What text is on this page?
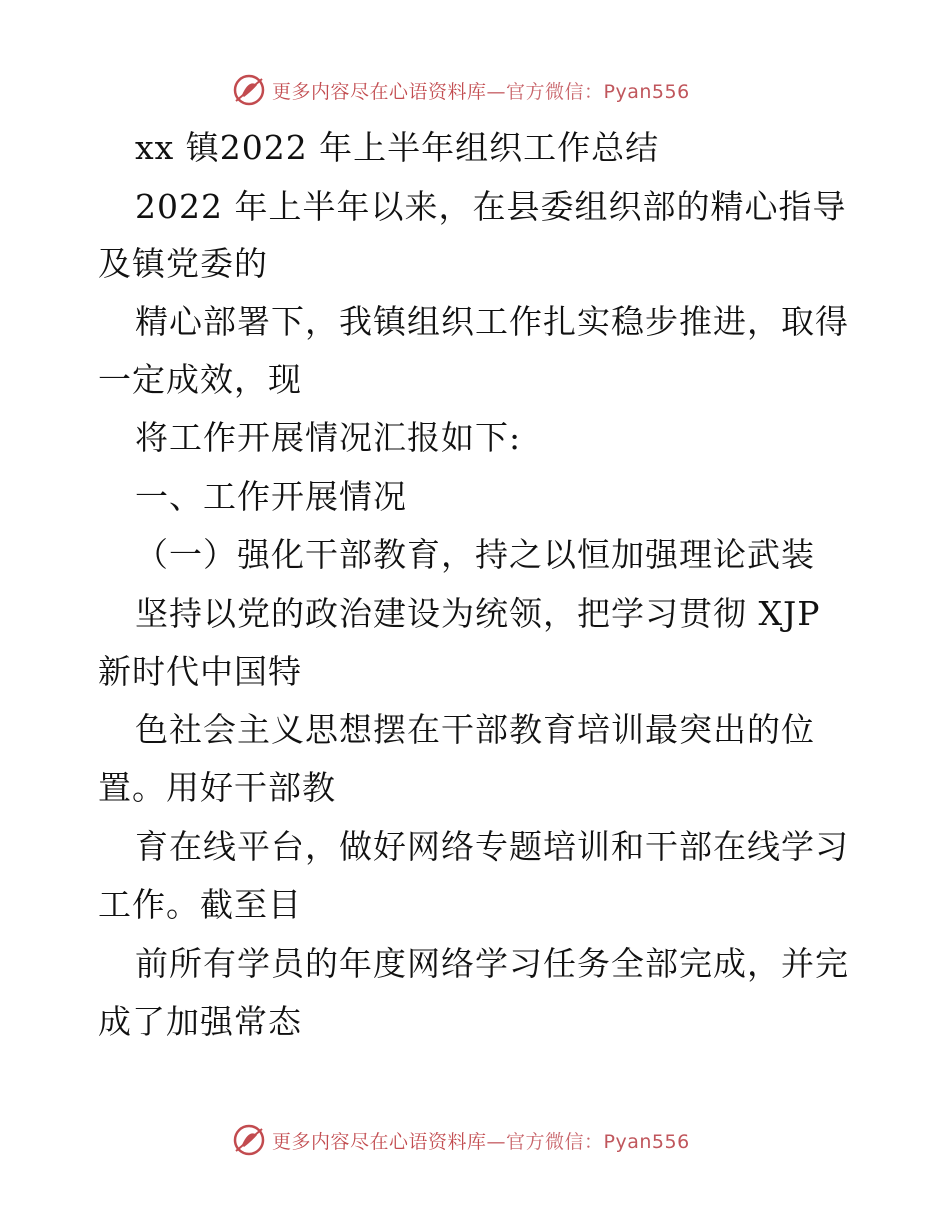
更多内容尽在心语资料库—官方微信：Pyan556
xx 镇2022 年上半年组织工作总结
2022 年上半年以来，在县委组织部的精心指导
及镇党委的
精心部署下，我镇组织工作扎实稳步推进，取得
一定成效，现
将工作开展情况汇报如下:
一、工作开展情况
（一）强化干部教育，持之以恒加强理论武装
坚持以党的政治建设为统领，把学习贯彻 XJP
新时代中国特
色社会主义思想摆在干部教育培训最突出的位
置。用好干部教
育在线平台，做好网络专题培训和干部在线学习
工作。截至目
前所有学员的年度网络学习任务全部完成，并完
成了加强常态
更多内容尽在心语资料库—官方微信：Pyan556
